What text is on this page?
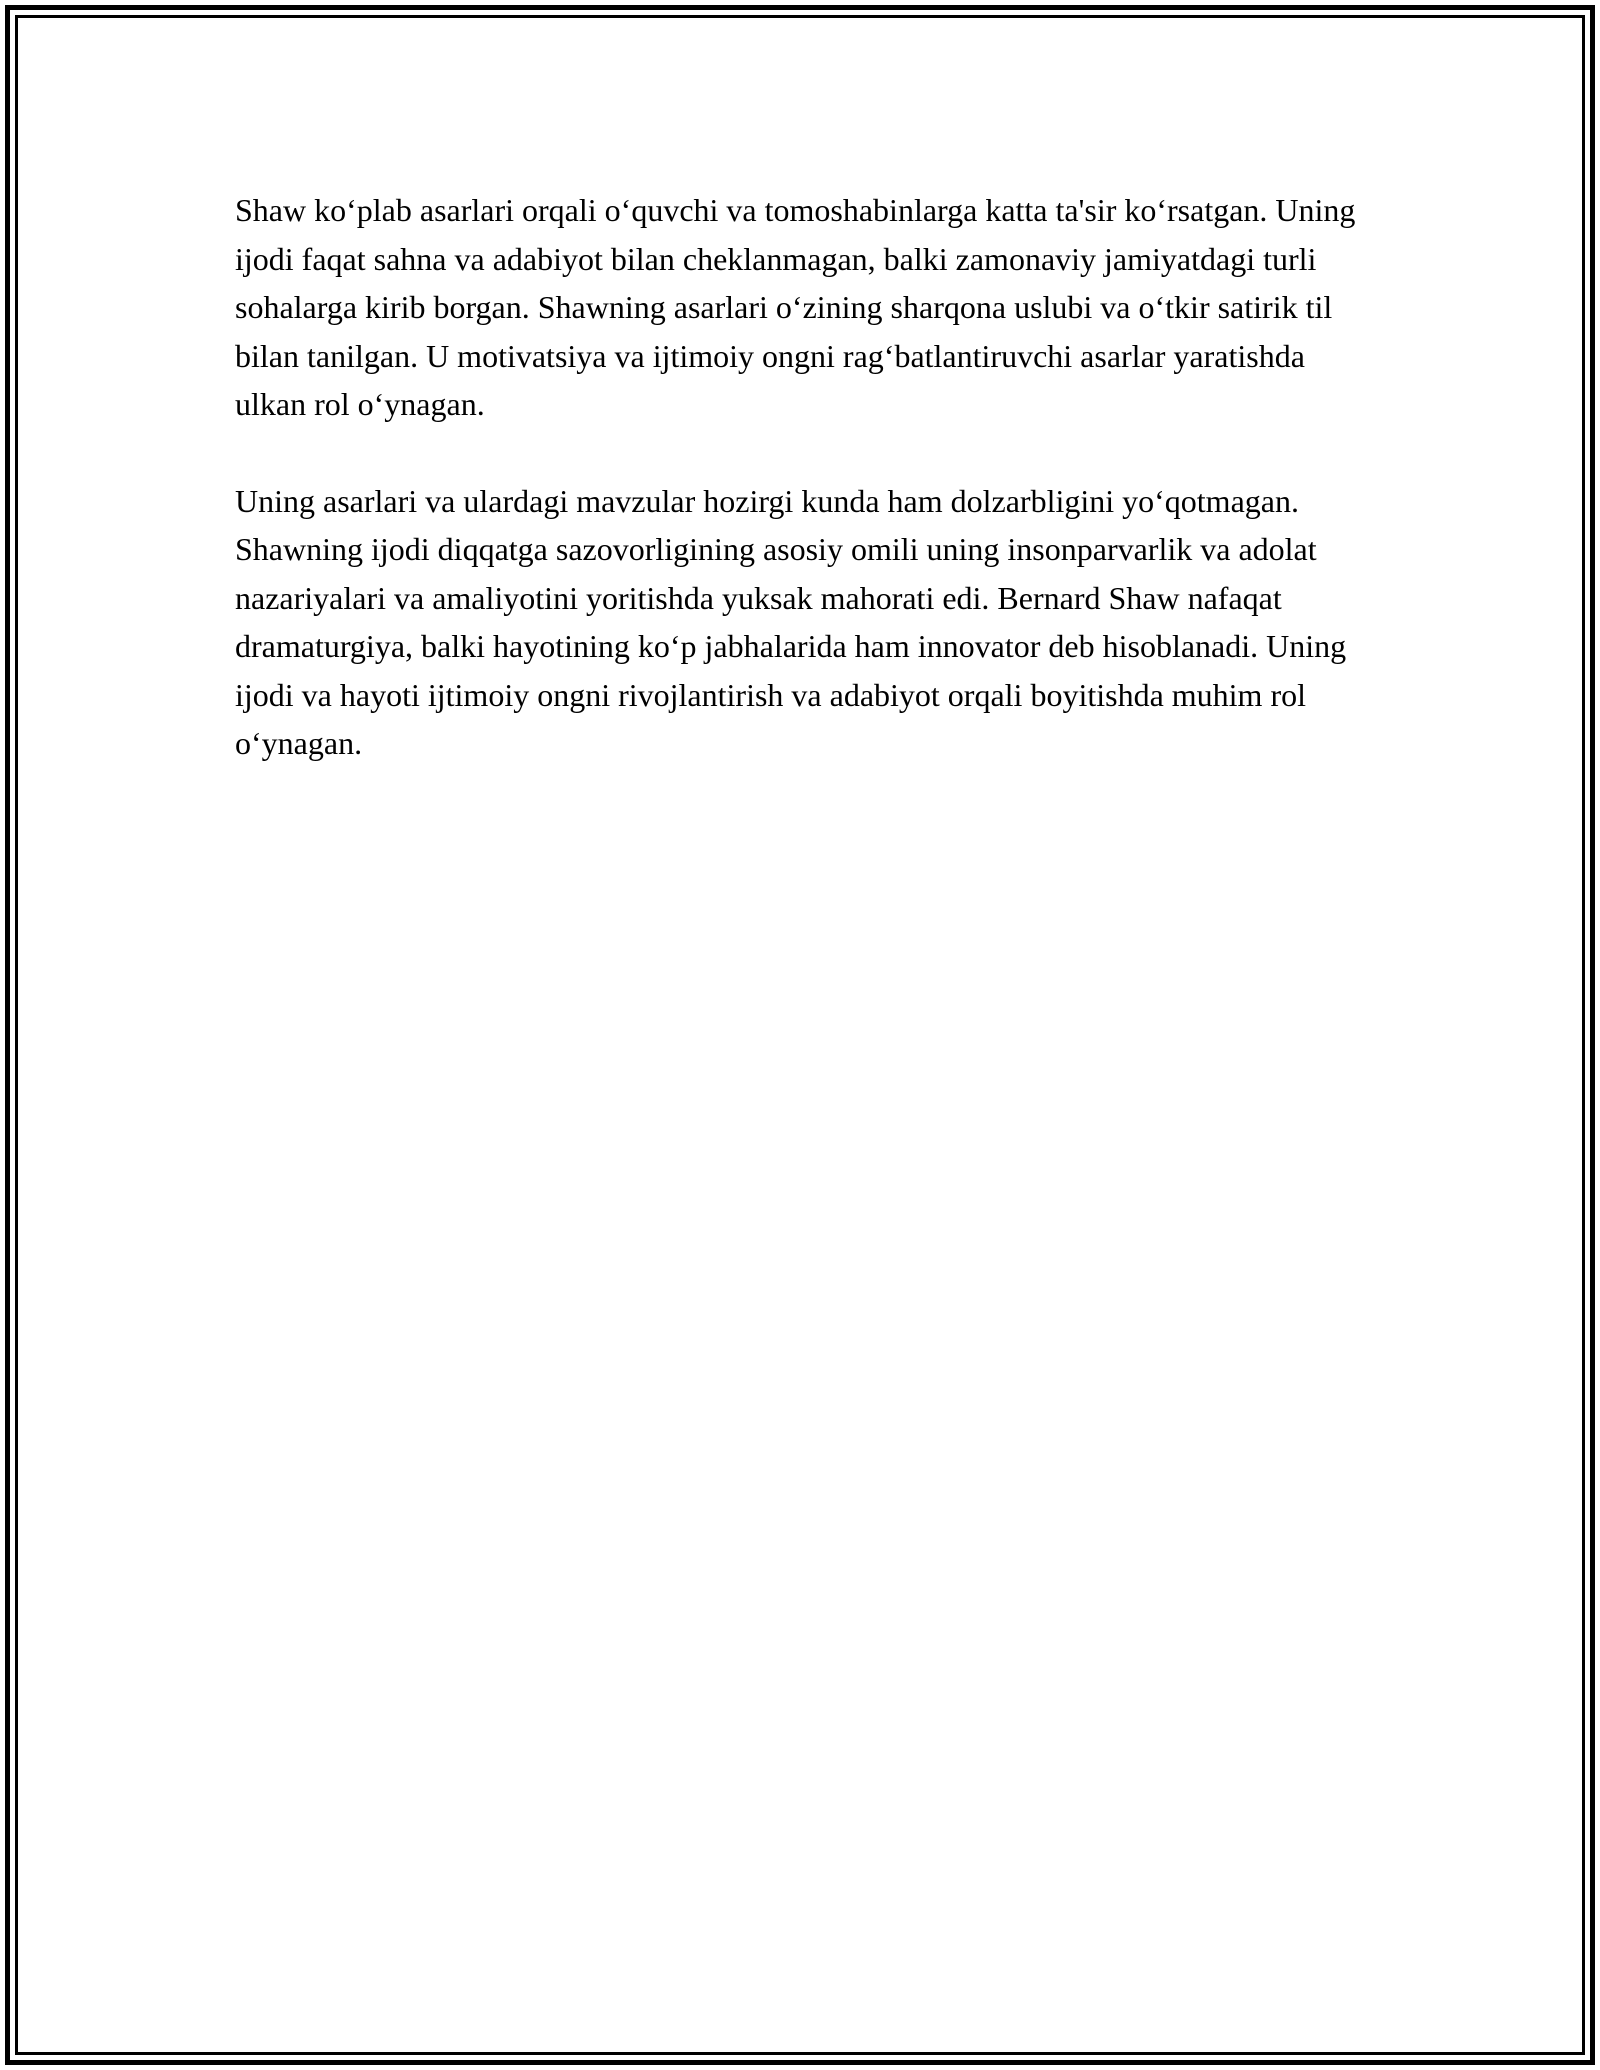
Shaw koʻplab asarlari orqali oʻquvchi va tomoshabinlarga katta ta'sir koʻrsatgan. Uning ijodi faqat sahna va adabiyot bilan cheklanmagan, balki zamonaviy jamiyatdagi turli sohalarga kirib borgan. Shawning asarlari oʻzining sharqona uslubi va oʻtkir satirik til bilan tanilgan. U motivatsiya va ijtimoiy ongni ragʻbatlantiruvchi asarlar yaratishda ulkan rol oʻynagan.

Uning asarlari va ulardagi mavzular hozirgi kunda ham dolzarbligini yoʻqotmagan. Shawning ijodi diqqatga sazovorligining asosiy omili uning insonparvarlik va adolat nazariyalari va amaliyotini yoritishda yuksak mahorati edi. Bernard Shaw nafaqat dramaturgiya, balki hayotining koʻp jabhalarida ham innovator deb hisoblanadi. Uning ijodi va hayoti ijtimoiy ongni rivojlantirish va adabiyot orqali boyitishda muhim rol oʻynagan.
